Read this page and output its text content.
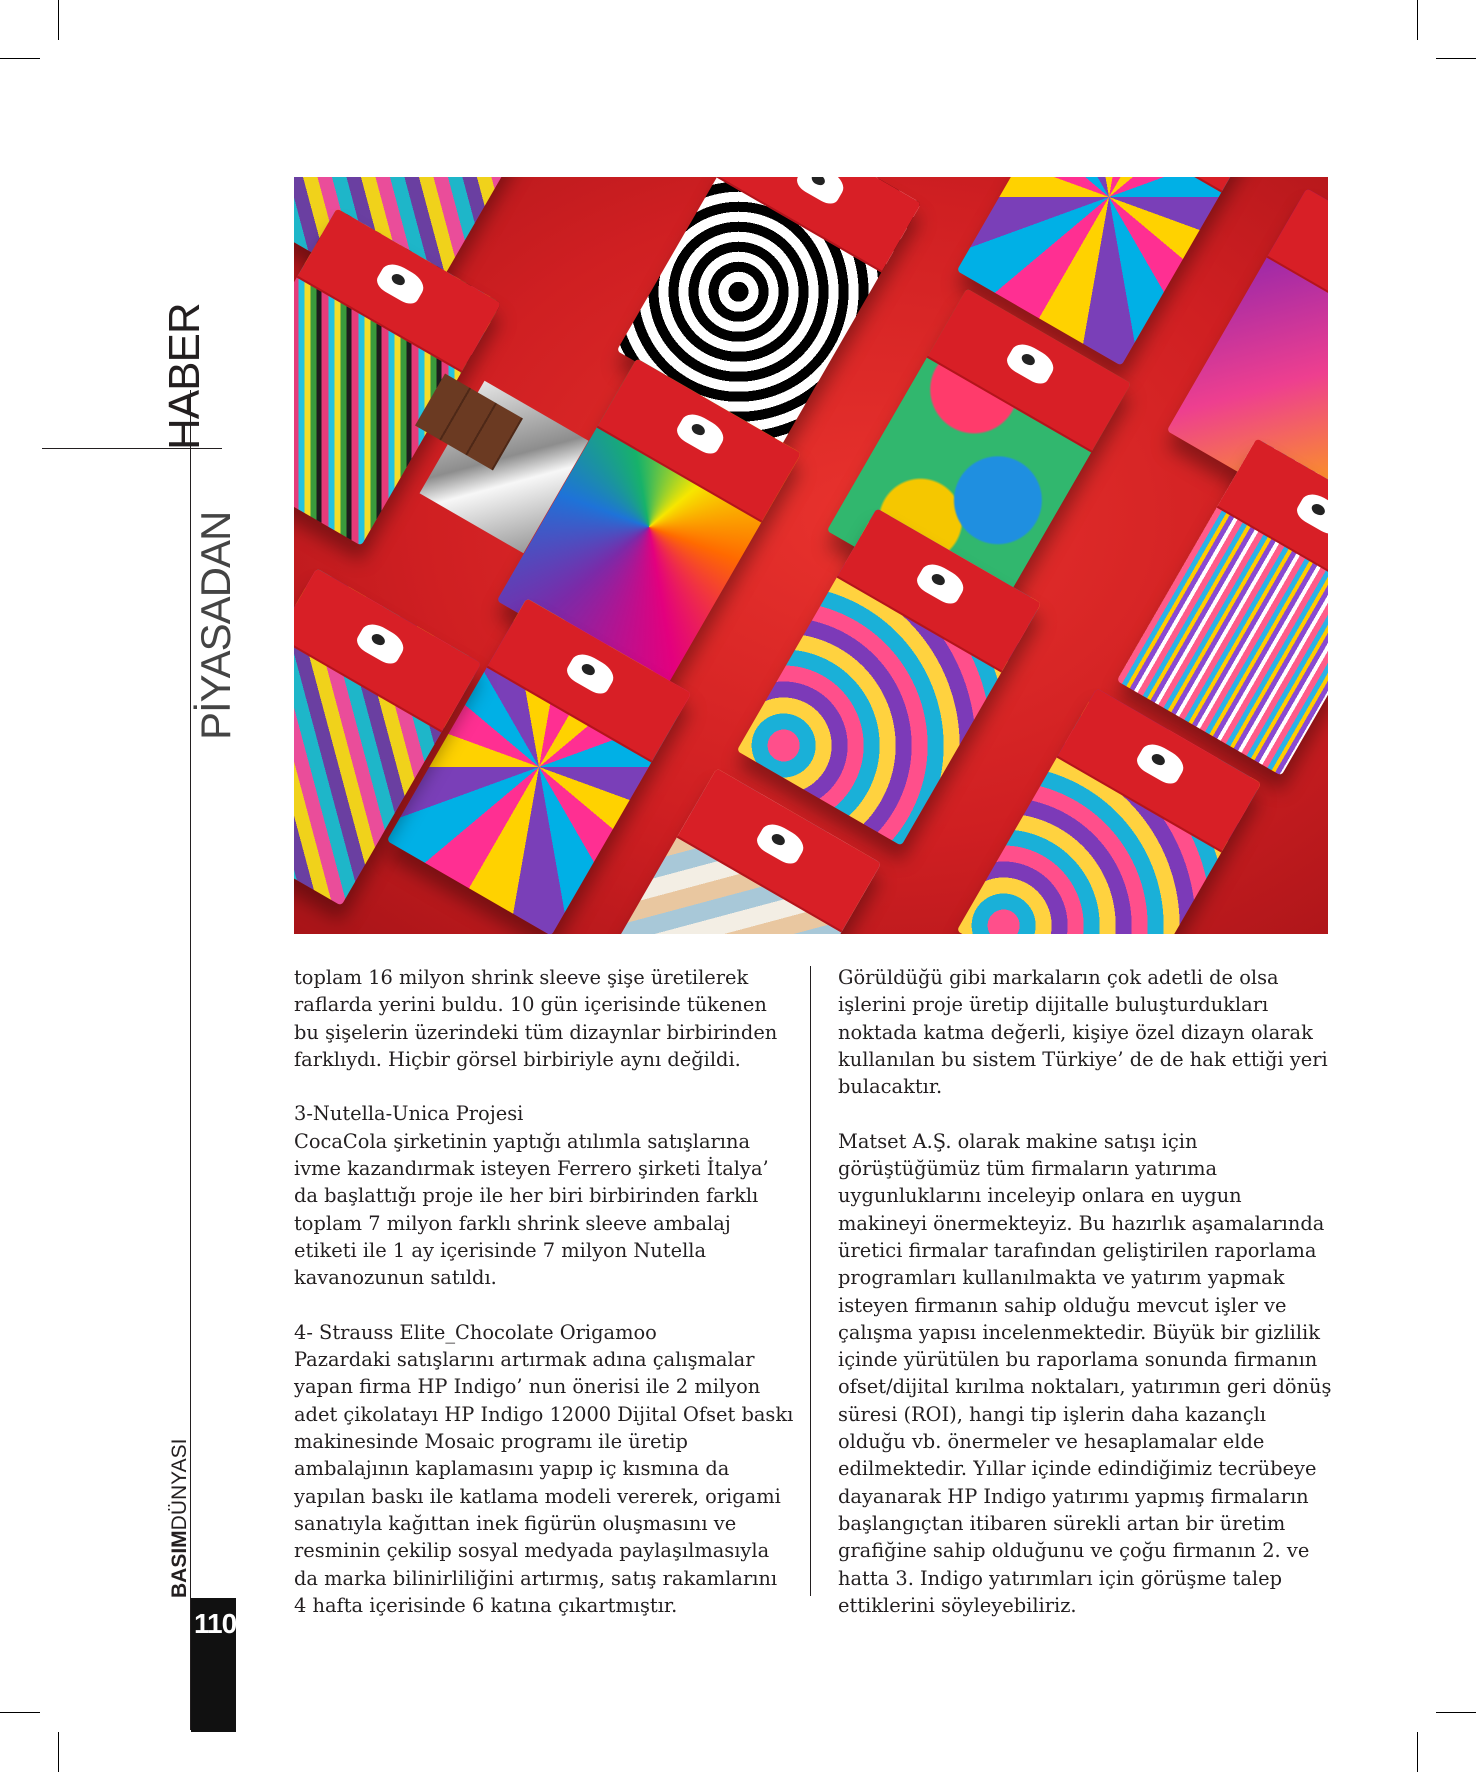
HABER
PİYASADAN
BASIMDÜNYASI
110

toplam 16 milyon shrink sleeve şişe üretilerek raflarda yerini buldu. 10 gün içerisinde tükenen bu şişelerin üzerindeki tüm dizaynlar birbirinden farklıydı. Hiçbir görsel birbiriyle aynı değildi.

3-Nutella-Unica Projesi
CocaCola şirketinin yaptığı atılımla satışlarına ivme kazandırmak isteyen Ferrero şirketi İtalya’ da başlattığı proje ile her biri birbirinden farklı toplam 7 milyon farklı shrink sleeve ambalaj etiketi ile 1 ay içerisinde 7 milyon Nutella kavanozunun satıldı.

4- Strauss Elite_Chocolate Origamoo
Pazardaki satışlarını artırmak adına çalışmalar yapan firma HP Indigo’ nun önerisi ile 2 milyon adet çikolatayı HP Indigo 12000 Dijital Ofset baskı makinesinde Mosaic programı ile üretip ambalajının kaplamasını yapıp iç kısmına da yapılan baskı ile katlama modeli vererek, origami sanatıyla kağıttan inek figürün oluşmasını ve resminin çekilip sosyal medyada paylaşılmasıyla da marka bilinirliliğini artırmış, satış rakamlarını 4 hafta içerisinde 6 katına çıkartmıştır.

Görüldüğü gibi markaların çok adetli de olsa işlerini proje üretip dijitalle buluşturdukları noktada katma değerli, kişiye özel dizayn olarak kullanılan bu sistem Türkiye’ de de hak ettiği yeri bulacaktır.

Matset A.Ş. olarak makine satışı için görüştüğümüz tüm firmaların yatırıma uygunluklarını inceleyip onlara en uygun makineyi önermekteyiz. Bu hazırlık aşamalarında üretici firmalar tarafından geliştirilen raporlama programları kullanılmakta ve yatırım yapmak isteyen firmanın sahip olduğu mevcut işler ve çalışma yapısı incelenmektedir. Büyük bir gizlilik içinde yürütülen bu raporlama sonunda firmanın ofset/dijital kırılma noktaları, yatırımın geri dönüş süresi (ROI), hangi tip işlerin daha kazançlı olduğu vb. önermeler ve hesaplamalar elde edilmektedir. Yıllar içinde edindiğimiz tecrübeye dayanarak HP Indigo yatırımı yapmış firmaların başlangıçtan itibaren sürekli artan bir üretim grafiğine sahip olduğunu ve çoğu firmanın 2. ve hatta 3. Indigo yatırımları için görüşme talep ettiklerini söyleyebiliriz.
